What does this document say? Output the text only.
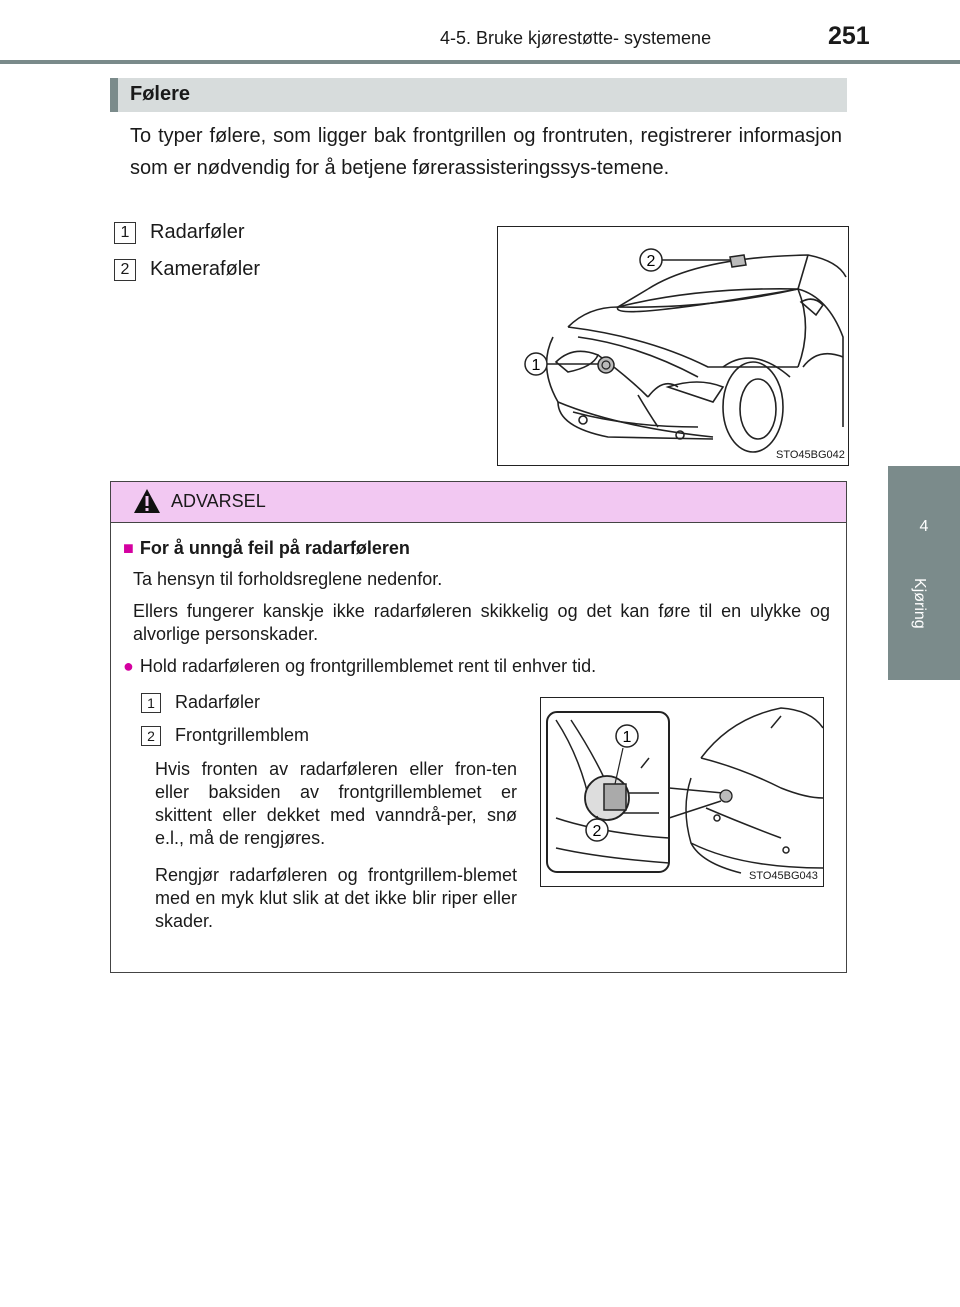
4-5. Bruke kjørestøtte- systemene	251
4
Kjøring
Følere

To typer følere, som ligger bak frontgrillen og frontruten, registrerer informasjon som er nødvendig for å betjene førerassisteringssys-temene.

1 Radarføler
2 Kameraføler
1
2
STO45BG042
ADVARSEL
■ For å unngå feil på radarføleren

Ta hensyn til forholdsreglene nedenfor.

Ellers fungerer kanskje ikke radarføleren skikkelig og det kan føre til en ulykke og alvorlige personskader.

● Hold radarføleren og frontgrillemblemet rent til enhver tid.
1 Radarføler
2 Frontgrillemblem

Hvis fronten av radarføleren eller fron-ten eller baksiden av frontgrillemblemet er skittent eller dekket med vanndrå-per, snø e.l., må de rengjøres.

Rengjør radarføleren og frontgrillem-blemet med en myk klut slik at det ikke blir riper eller skader.

1
2
STO45BG043
